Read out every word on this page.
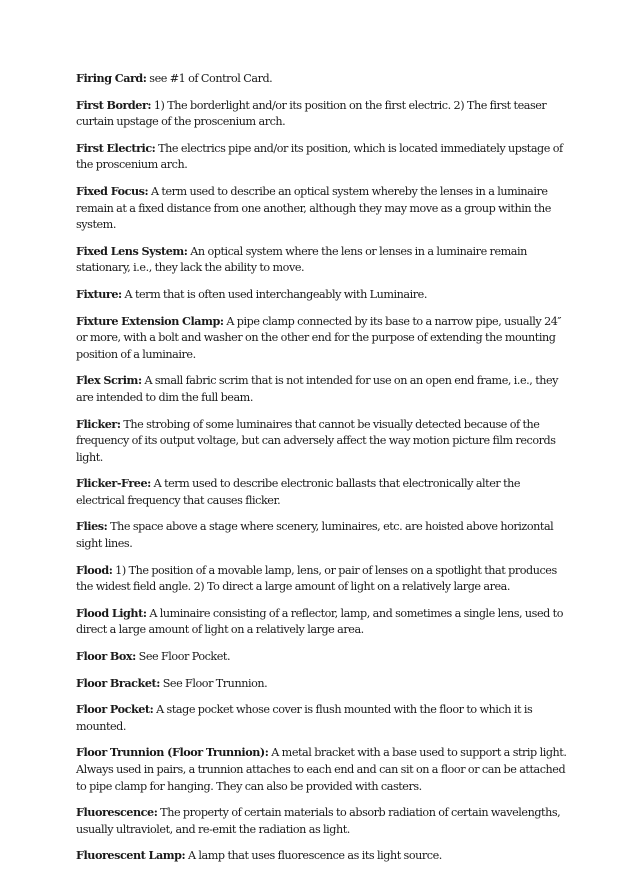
Firing Card: see #1 of Control Card.

First Border: 1) The borderlight and/or its position on the first electric. 2) The first teaser curtain upstage of the proscenium arch.

First Electric: The electrics pipe and/or its position, which is located immediately upstage of the proscenium arch.

Fixed Focus: A term used to describe an optical system whereby the lenses in a luminaire remain at a fixed distance from one another, although they may move as a group within the system.

Fixed Lens System: An optical system where the lens or lenses in a luminaire remain stationary, i.e., they lack the ability to move.

Fixture: A term that is often used interchangeably with Luminaire.

Fixture Extension Clamp: A pipe clamp connected by its base to a narrow pipe, usually 24″ or more, with a bolt and washer on the other end for the purpose of extending the mounting position of a luminaire.

Flex Scrim: A small fabric scrim that is not intended for use on an open end frame, i.e., they are intended to dim the full beam.

Flicker: The strobing of some luminaires that cannot be visually detected because of the frequency of its output voltage, but can adversely affect the way motion picture film records light.

Flicker-Free: A term used to describe electronic ballasts that electronically alter the electrical frequency that causes flicker.

Flies: The space above a stage where scenery, luminaires, etc. are hoisted above horizontal sight lines.

Flood: 1) The position of a movable lamp, lens, or pair of lenses on a spotlight that produces the widest field angle. 2) To direct a large amount of light on a relatively large area.

Flood Light: A luminaire consisting of a reflector, lamp, and sometimes a single lens, used to direct a large amount of light on a relatively large area.

Floor Box: See Floor Pocket.

Floor Bracket: See Floor Trunnion.

Floor Pocket: A stage pocket whose cover is flush mounted with the floor to which it is mounted.

Floor Trunnion (Floor Trunnion): A metal bracket with a base used to support a strip light. Always used in pairs, a trunnion attaches to each end and can sit on a floor or can be attached to pipe clamp for hanging. They can also be provided with casters.

Fluorescence: The property of certain materials to absorb radiation of certain wavelengths, usually ultraviolet, and re-emit the radiation as light.

Fluorescent Lamp: A lamp that uses fluorescence as its light source.
